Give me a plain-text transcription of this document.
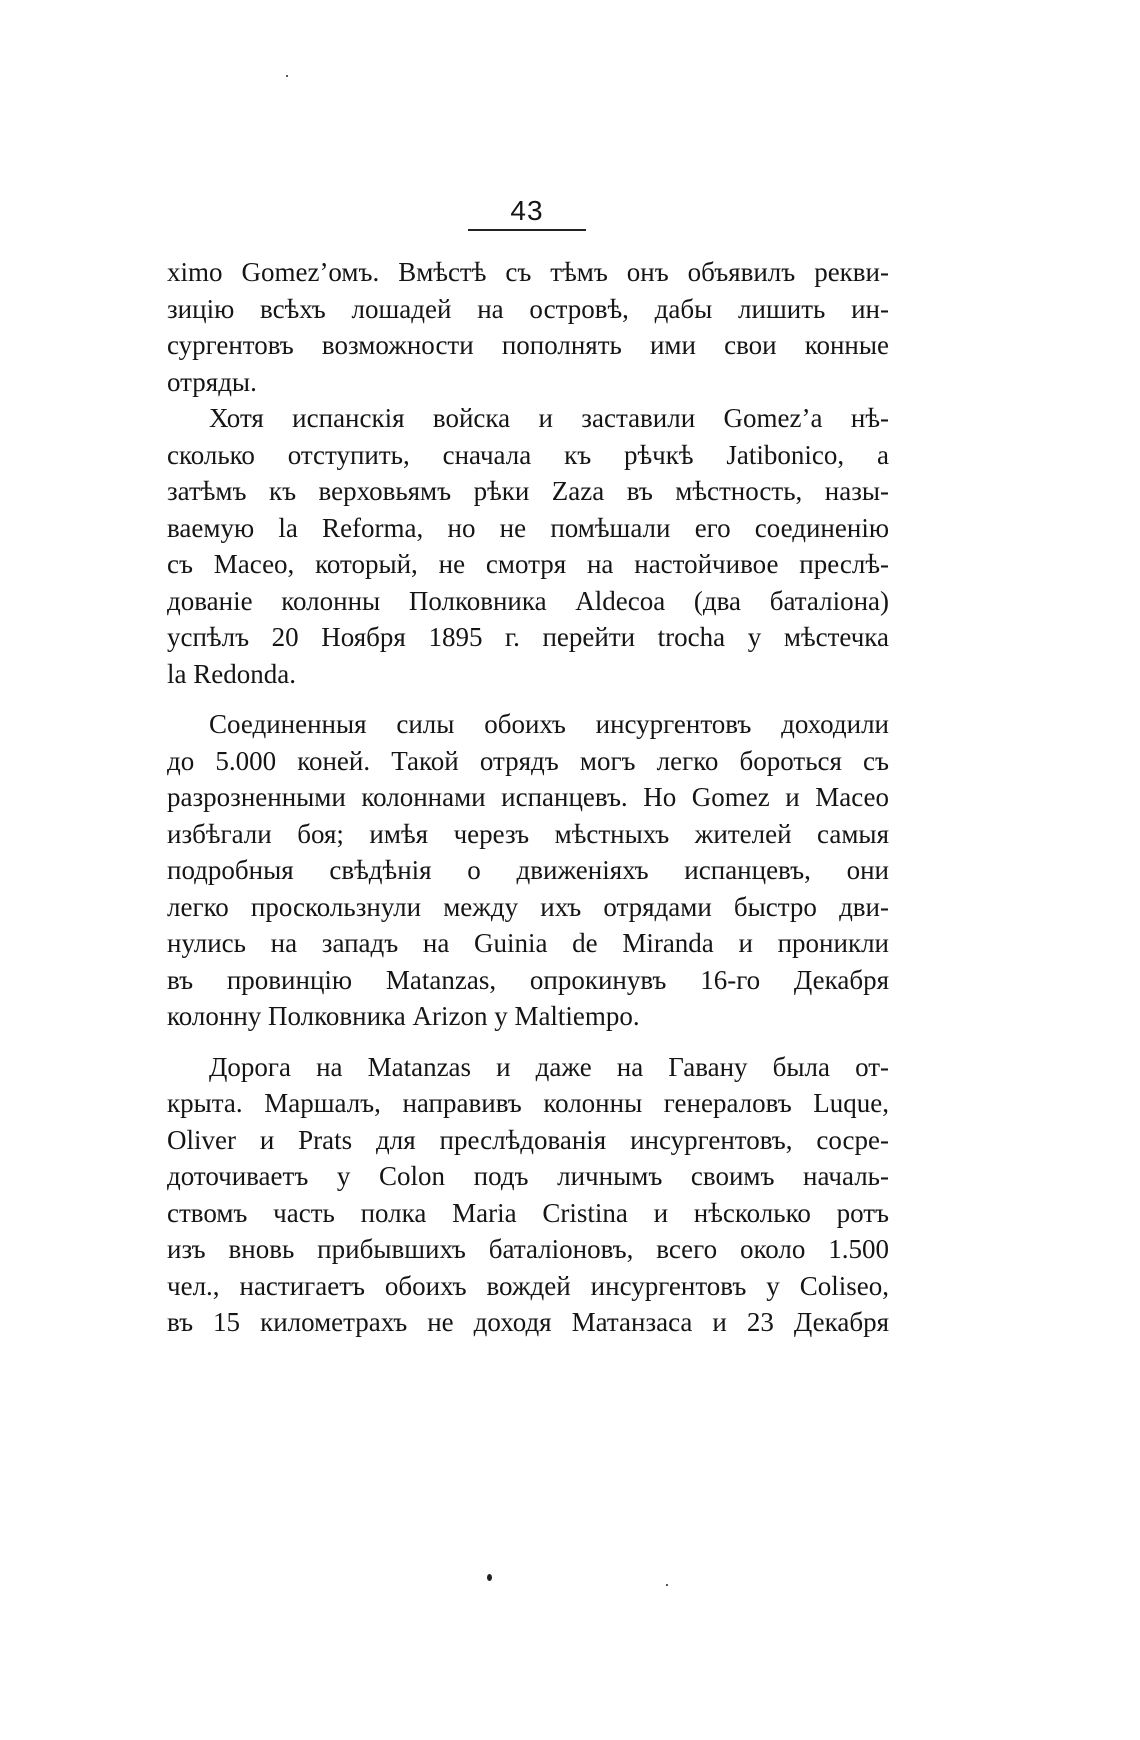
43
ximo Gomez’омъ. Вмѣстѣ съ тѣмъ онъ объявилъ рекви-
зицію всѣхъ лошадей на островѣ, дабы лишить ин-
сургентовъ возможности пополнять ими свои конные
отряды.
Хотя испанскія войска и заставили Gomez’а нѣ-
сколько отступить, сначала къ рѣчкѣ Jatibonico, а
затѣмъ къ верховьямъ рѣки Zaza въ мѣстность, назы-
ваемую la Reforma, но не помѣшали его соединенію
съ Масео, который, не смотря на настойчивое преслѣ-
дованіе колонны Полковника Aldecoa (два баталіона)
успѣлъ 20 Ноября 1895 г. перейти trocha у мѣстечка
la Redonda.
Соединенныя силы обоихъ инсургентовъ доходили
до 5.000 коней. Такой отрядъ могъ легко бороться съ
разрозненными колоннами испанцевъ. Но Gomez и Масео
избѣгали боя; имѣя черезъ мѣстныхъ жителей самыя
подробныя свѣдѣнія о движеніяхъ испанцевъ, они
легко проскользнули между ихъ отрядами быстро дви-
нулись на западъ на Guinia de Miranda и проникли
въ провинцію Matanzas, опрокинувъ 16-го Декабря
колонну Полковника Arizon у Maltiempo.
Дорога на Matanzas и даже на Гавану была от-
крыта. Маршалъ, направивъ колонны генераловъ Luque,
Oliver и Prats для преслѣдованія инсургентовъ, сосре-
доточиваетъ у Colon подъ личнымъ своимъ началь-
ствомъ часть полка Maria Cristina и нѣсколько ротъ
изъ вновь прибывшихъ баталіоновъ, всего около 1.500
чел., настигаетъ обоихъ вождей инсургентовъ у Coliseo,
въ 15 километрахъ не доходя Матанзаса и 23 Декабря
